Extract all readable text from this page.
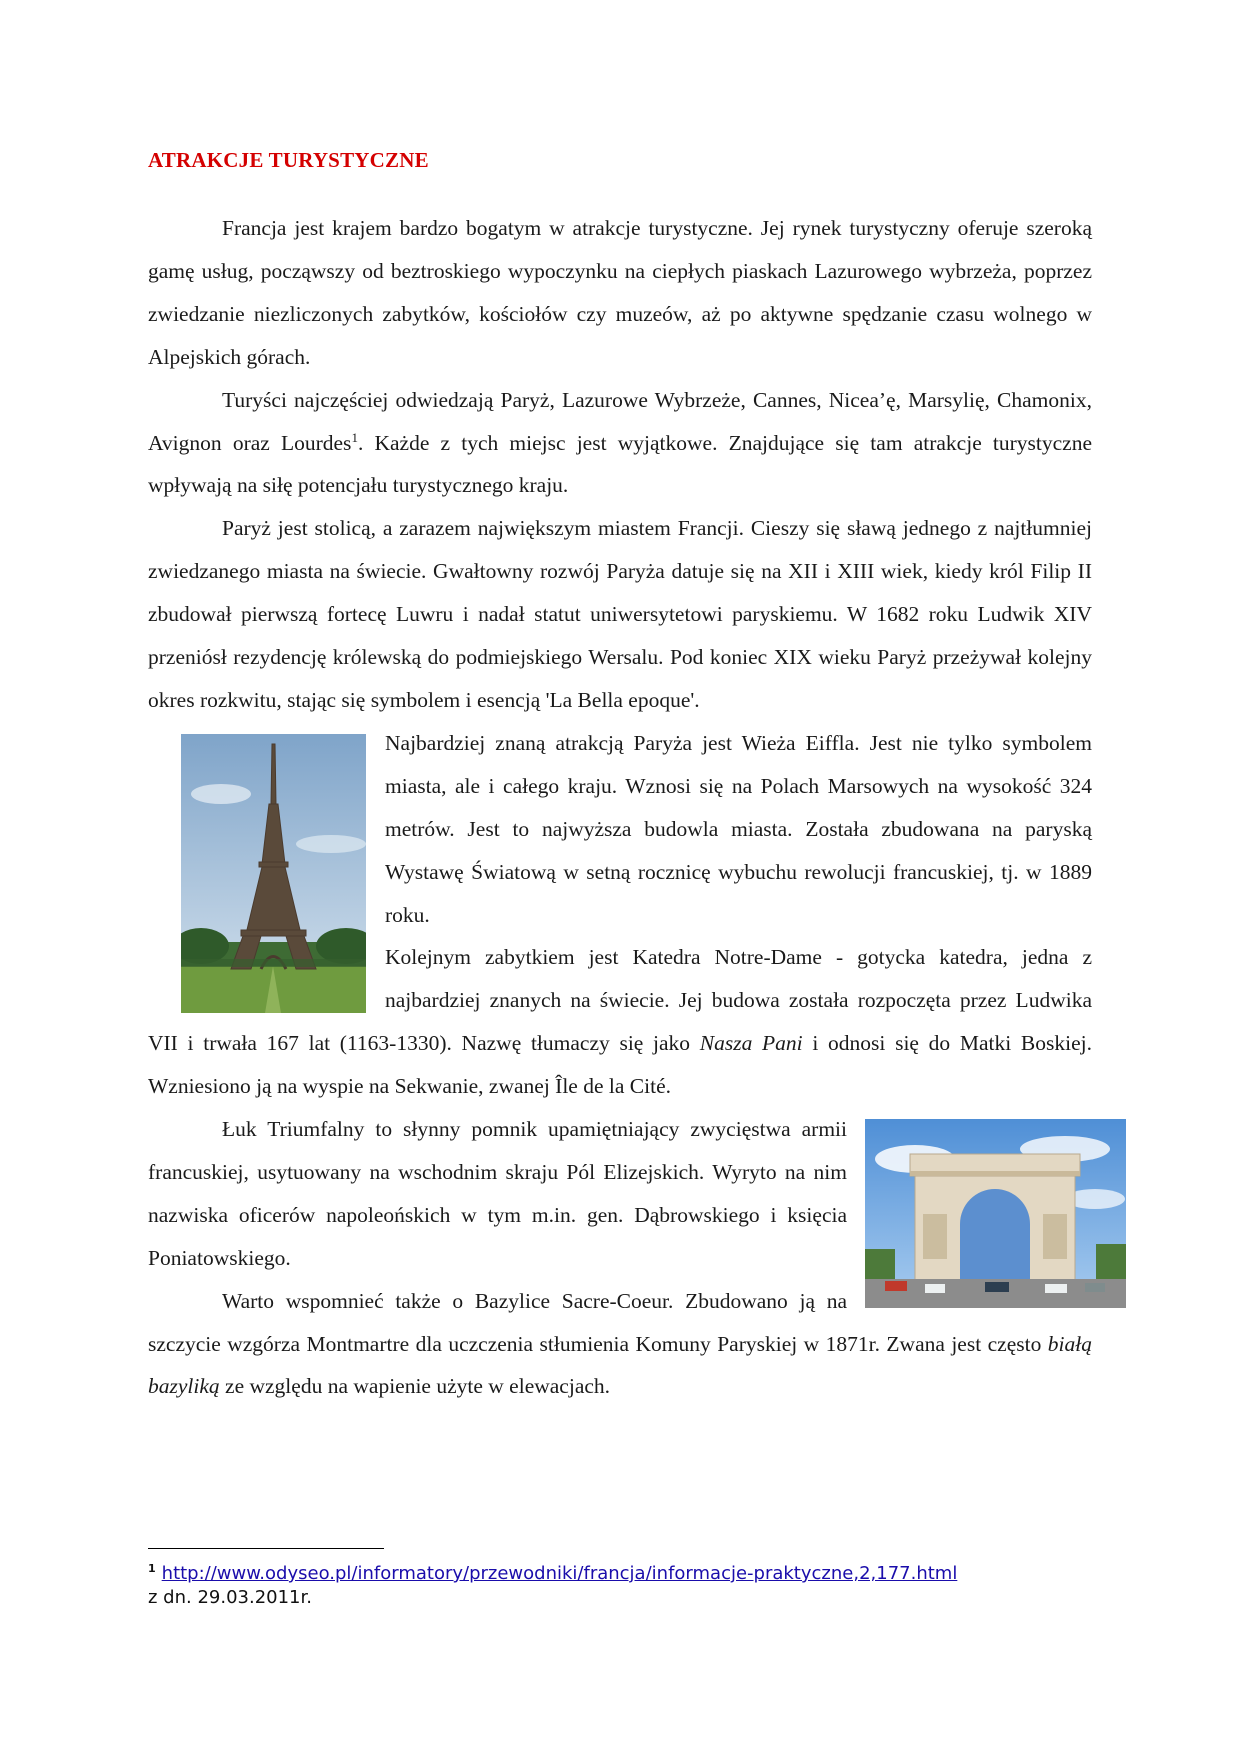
ATRAKCJE TURYSTYCZNE

Francja jest krajem bardzo bogatym w atrakcje turystyczne. Jej rynek turystyczny oferuje szeroką gamę usług, począwszy od beztroskiego wypoczynku na ciepłych piaskach Lazurowego wybrzeża, poprzez zwiedzanie niezliczonych zabytków, kościołów czy muzeów, aż po aktywne spędzanie czasu wolnego w Alpejskich górach.

Turyści najczęściej odwiedzają Paryż, Lazurowe Wybrzeże, Cannes, Nicea’ę, Marsylię, Chamonix, Avignon oraz Lourdes$^1$. Każde z tych miejsc jest wyjątkowe. Znajdujące się tam atrakcje turystyczne wpływają na siłę potencjału turystycznego kraju.

Paryż jest stolicą, a zarazem największym miastem Francji. Cieszy się sławą jednego z najtłumniej zwiedzanego miasta na świecie. Gwałtowny rozwój Paryża datuje się na XII i XIII wiek, kiedy król Filip II zbudował pierwszą fortecę Luwru i nadał statut uniwersytetowi paryskiemu. W 1682 roku Ludwik XIV przeniósł rezydencję królewską do podmiejskiego Wersalu. Pod koniec XIX wieku Paryż przeżywał kolejny okres rozkwitu, stając się symbolem i esencją 'La Bella epoque'.

Najbardziej znaną atrakcją Paryża jest Wieża Eiffla. Jest nie tylko symbolem miasta, ale i całego kraju. Wznosi się na Polach Marsowych na wysokość 324 metrów. Jest to najwyższa budowla miasta. Została zbudowana na paryską Wystawę Światową w setną rocznicę wybuchu rewolucji francuskiej, tj. w 1889 roku.

Kolejnym zabytkiem jest Katedra Notre-Dame - gotycka katedra, jedna z najbardziej znanych na świecie. Jej budowa została rozpoczęta przez Ludwika VII i trwała 167 lat (1163-1330). Nazwę tłumaczy się jako Nasza Pani i odnosi się do Matki Boskiej. Wzniesiono ją na wyspie na Sekwanie, zwanej Île de la Cité.

Łuk Triumfalny to słynny pomnik upamiętniający zwycięstwa armii francuskiej, usytuowany na wschodnim skraju Pól Elizejskich. Wyryto na nim nazwiska oficerów napoleońskich w tym m.in. gen. Dąbrowskiego i księcia Poniatowskiego.

Warto wspomnieć także o Bazylice Sacre-Coeur. Zbudowano ją na szczycie wzgórza Montmartre dla uczczenia stłumienia Komuny Paryskiej w 1871r. Zwana jest często białą bazyliką ze względu na wapienie użyte w elewacjach.

$^1$ http://www.odyseo.pl/informatory/przewodniki/francja/informacje-praktyczne,2,177.html
z dn. 29.03.2011r.
